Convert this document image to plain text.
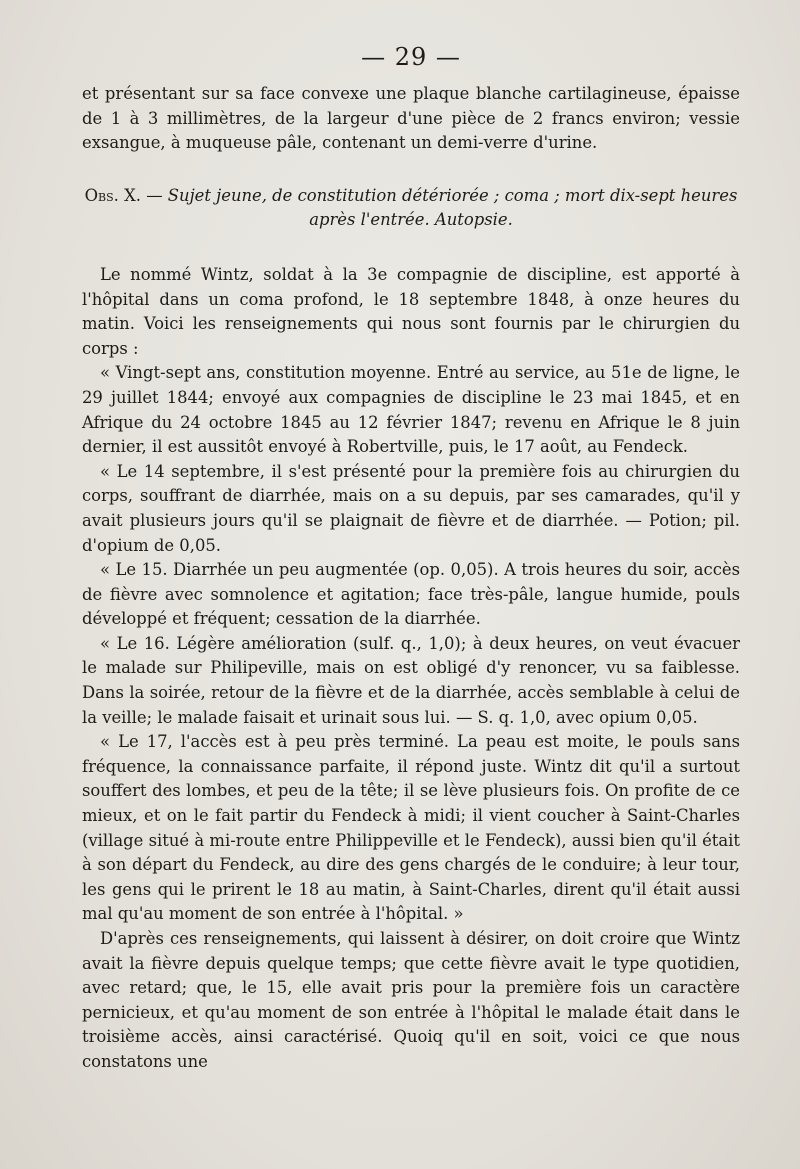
— 29 —

et présentant sur sa face convexe une plaque blanche cartilagineuse, épaisse de 1 à 3 millimètres, de la largeur d'une pièce de 2 francs environ; vessie exsangue, à muqueuse pâle, contenant un demi-verre d'urine.

Obs. X. — Sujet jeune, de constitution détériorée ; coma ; mort dix-sept heures après l'entrée. Autopsie.

Le nommé Wintz, soldat à la 3e compagnie de discipline, est apporté à l'hôpital dans un coma profond, le 18 septembre 1848, à onze heures du matin. Voici les renseignements qui nous sont fournis par le chirurgien du corps :

« Vingt-sept ans, constitution moyenne. Entré au service, au 51e de ligne, le 29 juillet 1844; envoyé aux compagnies de discipline le 23 mai 1845, et en Afrique du 24 octobre 1845 au 12 février 1847; revenu en Afrique le 8 juin dernier, il est aussitôt envoyé à Robertville, puis, le 17 août, au Fendeck.

« Le 14 septembre, il s'est présenté pour la première fois au chirurgien du corps, souffrant de diarrhée, mais on a su depuis, par ses camarades, qu'il y avait plusieurs jours qu'il se plaignait de fièvre et de diarrhée. — Potion; pil. d'opium de 0,05.

« Le 15. Diarrhée un peu augmentée (op. 0,05). A trois heures du soir, accès de fièvre avec somnolence et agitation; face très-pâle, langue humide, pouls développé et fréquent; cessation de la diarrhée.

« Le 16. Légère amélioration (sulf. q., 1,0); à deux heures, on veut évacuer le malade sur Philipeville, mais on est obligé d'y renoncer, vu sa faiblesse. Dans la soirée, retour de la fièvre et de la diarrhée, accès semblable à celui de la veille; le malade faisait et urinait sous lui. — S. q. 1,0, avec opium 0,05.

« Le 17, l'accès est à peu près terminé. La peau est moite, le pouls sans fréquence, la connaissance parfaite, il répond juste. Wintz dit qu'il a surtout souffert des lombes, et peu de la tête; il se lève plusieurs fois. On profite de ce mieux, et on le fait partir du Fendeck à midi; il vient coucher à Saint-Charles (village situé à mi-route entre Philippeville et le Fendeck), aussi bien qu'il était à son départ du Fendeck, au dire des gens chargés de le conduire; à leur tour, les gens qui le prirent le 18 au matin, à Saint-Charles, dirent qu'il était aussi mal qu'au moment de son entrée à l'hôpital. »

D'après ces renseignements, qui laissent à désirer, on doit croire que Wintz avait la fièvre depuis quelque temps; que cette fièvre avait le type quotidien, avec retard; que, le 15, elle avait pris pour la première fois un caractère pernicieux, et qu'au moment de son entrée à l'hôpital le malade était dans le troisième accès, ainsi caractérisé. Quoiq qu'il en soit, voici ce que nous constatons une
